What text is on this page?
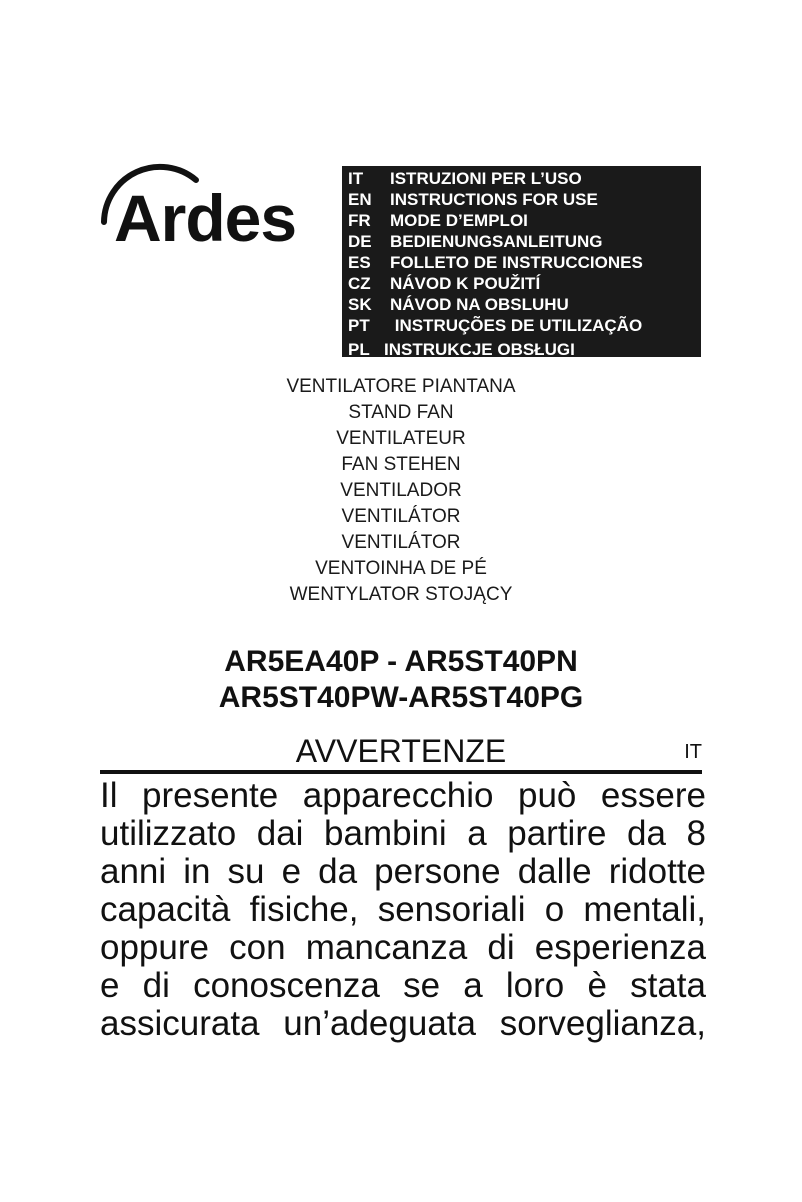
Ardes
IT	ISTRUZIONI PER L’USO
EN	INSTRUCTIONS FOR USE
FR	MODE D’EMPLOI
DE	BEDIENUNGSANLEITUNG
ES	FOLLETO DE INSTRUCCIONES
CZ	NÁVOD K POUŽITÍ
SK	NÁVOD NA OBSLUHU
PT	INSTRUÇÕES DE UTILIZAÇÃO
PL INSTRUKCJE OBSŁUGI
VENTILATORE PIANTANA
STAND FAN
VENTILATEUR
FAN STEHEN
VENTILADOR
VENTILÁTOR
VENTILÁTOR
VENTOINHA DE PÉ
WENTYLATOR STOJĄCY
AR5EA40P - AR5ST40PN
AR5ST40PW-AR5ST40PG
AVVERTENZE	IT
Il presente apparecchio può essere
utilizzato dai bambini a partire da 8
anni in su e da persone dalle ridotte
capacità fisiche, sensoriali o mentali,
oppure con mancanza di esperienza
e di conoscenza se a loro è stata
assicurata un’adeguata sorveglianza,
